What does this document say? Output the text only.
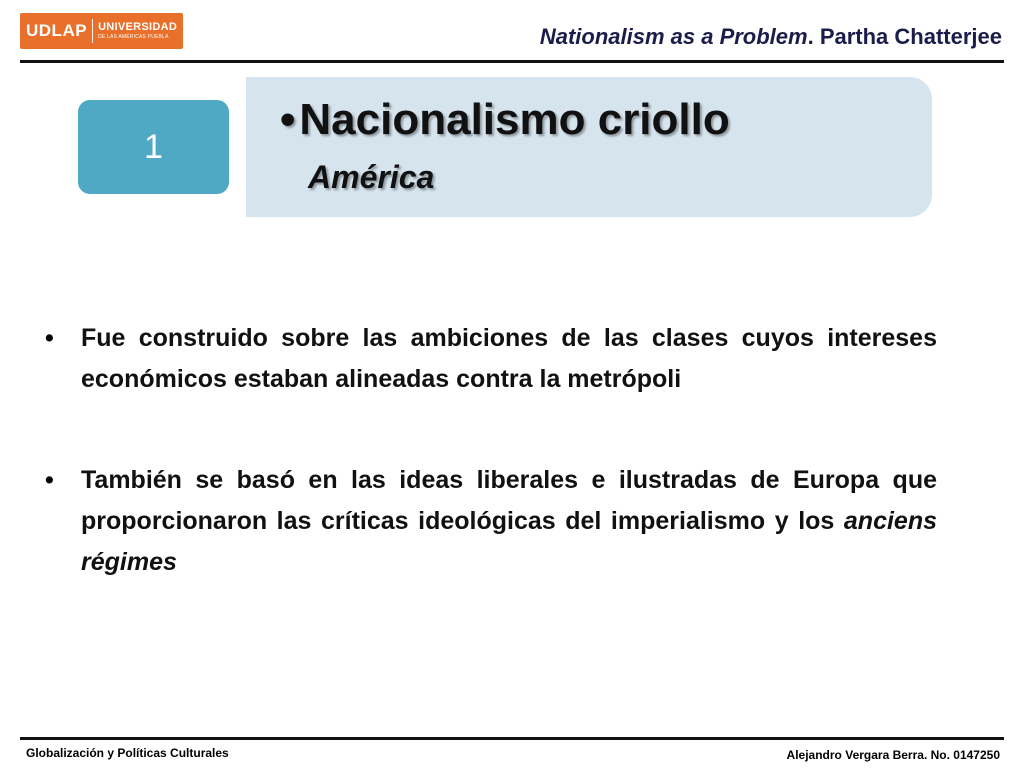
UDLAP UNIVERSIDAD
DE LAS AMÉRICAS PUEBLA	Nationalism as a Problem. Partha Chatterjee
1
•Nacionalismo criollo
América
•	Fue construido sobre las ambiciones de las clases cuyos intereses económicos estaban alineadas contra la metrópoli
•	También se basó en las ideas liberales e ilustradas de Europa que proporcionaron las críticas ideológicas del imperialismo y los anciens régimes
Globalización y Políticas Culturales	Alejandro Vergara Berra. No. 0147250
